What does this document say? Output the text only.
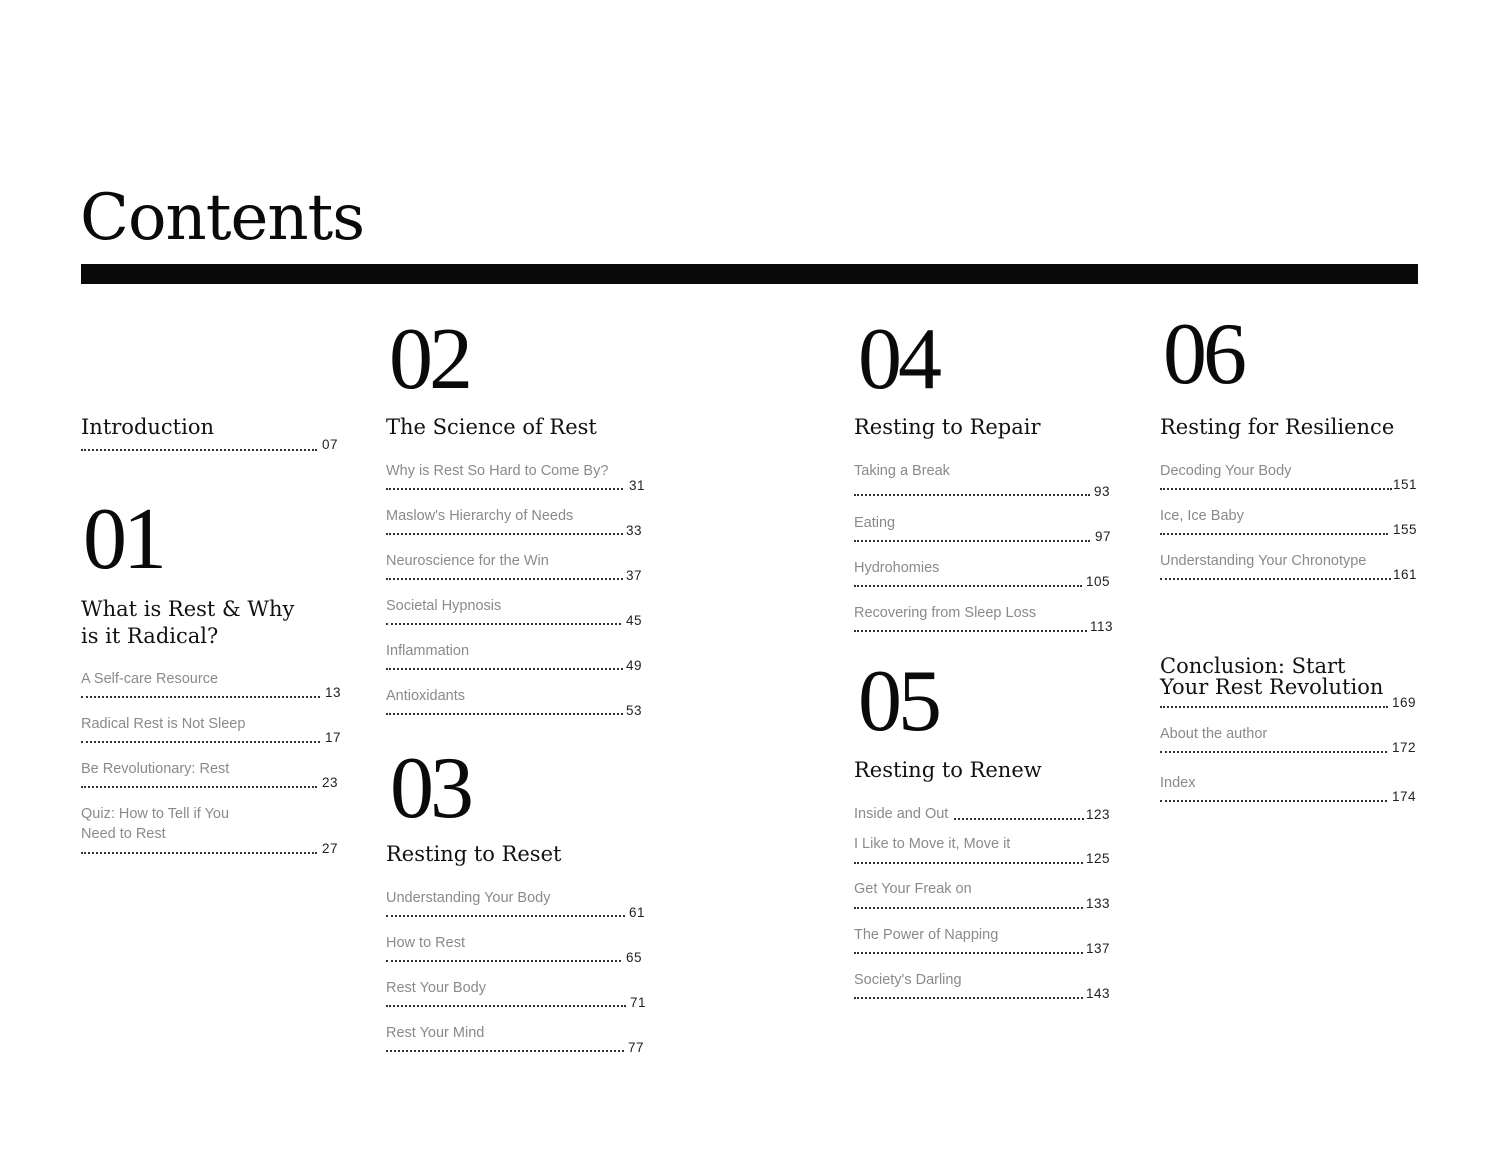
Contents
Introduction
07
01
What is Rest & Why
is it Radical?
A Self-care Resource
13
Radical Rest is Not Sleep
17
Be Revolutionary: Rest
23
Quiz: How to Tell if You
Need to Rest
27
02
The Science of Rest
Why is Rest So Hard to Come By?
31
Maslow's Hierarchy of Needs
33
Neuroscience for the Win
37
Societal Hypnosis
45
Inflammation
49
Antioxidants
53
03
Resting to Reset
Understanding Your Body
61
How to Rest
65
Rest Your Body
71
Rest Your Mind
77
04
Resting to Repair
Taking a Break
93
Eating
97
Hydrohomies
105
Recovering from Sleep Loss
113
05
Resting to Renew
Inside and Out	123
I Like to Move it, Move it
125
Get Your Freak on
133
The Power of Napping
137
Society's Darling
143
06
Resting for Resilience
Decoding Your Body
151
Ice, Ice Baby
155
Understanding Your Chronotype
161
Conclusion: Start
Your Rest Revolution
169
About the author
172
Index
174
